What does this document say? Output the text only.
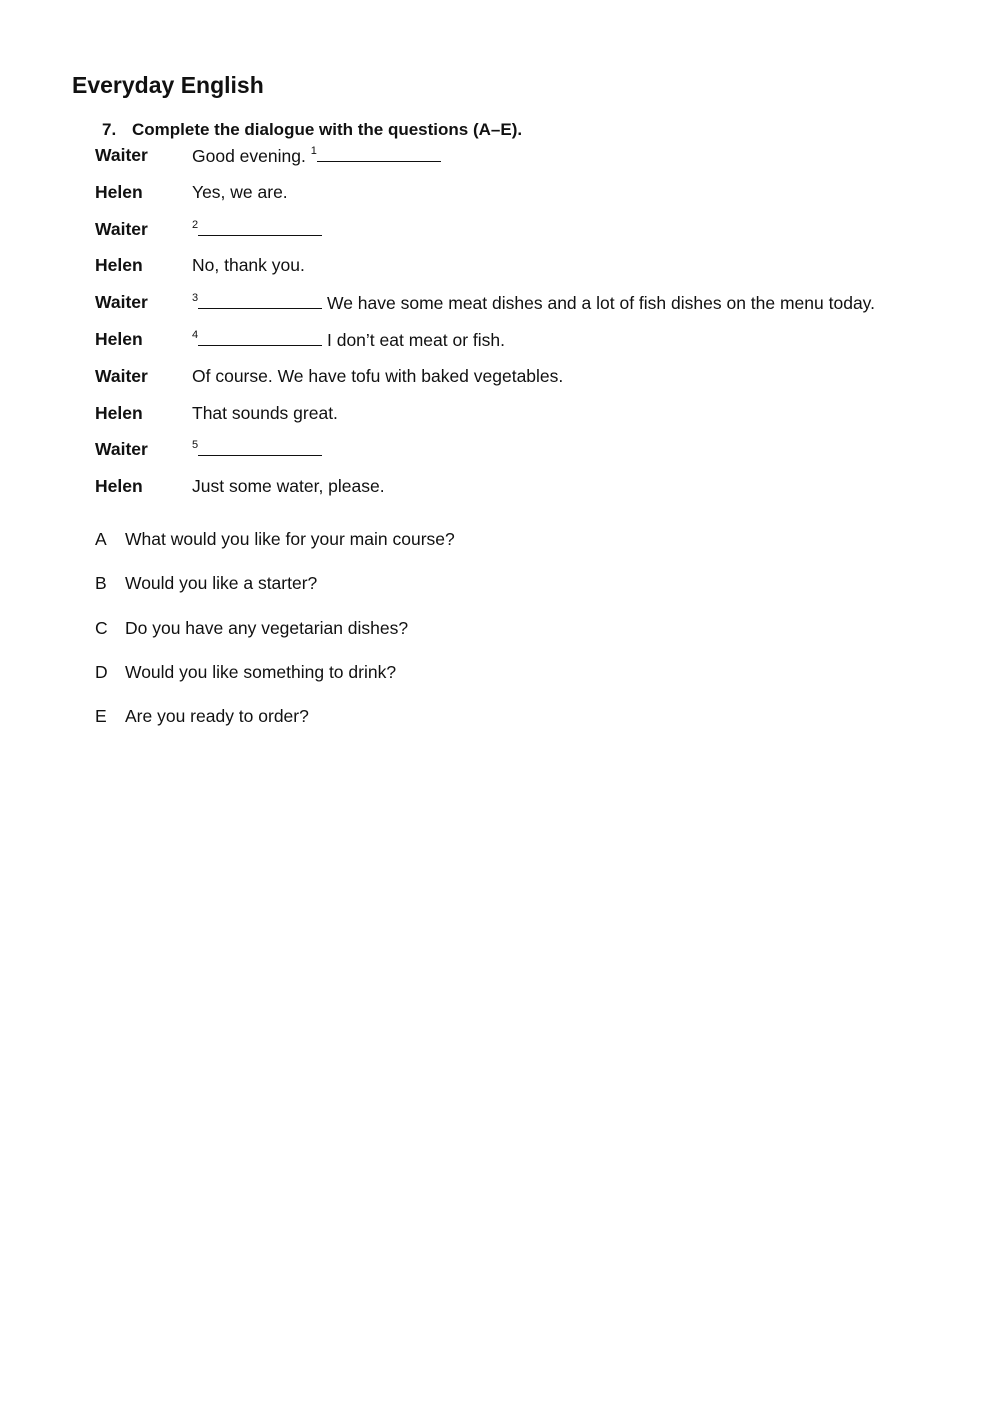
Everyday English

7. Complete the dialogue with the questions (A–E).

Waiter	Good evening. $^1$
Helen	Yes, we are.
Waiter	$^2$
Helen	No, thank you.
Waiter	$^3$	We have some meat dishes and a lot of fish dishes on the menu today.
Helen	$^4$	I don’t eat meat or fish.
Waiter	Of course. We have tofu with baked vegetables.
Helen	That sounds great.
Waiter	$^5$
Helen	Just some water, please.
A What would you like for your main course?
B Would you like a starter?
C Do you have any vegetarian dishes?
D Would you like something to drink?
E Are you ready to order?
